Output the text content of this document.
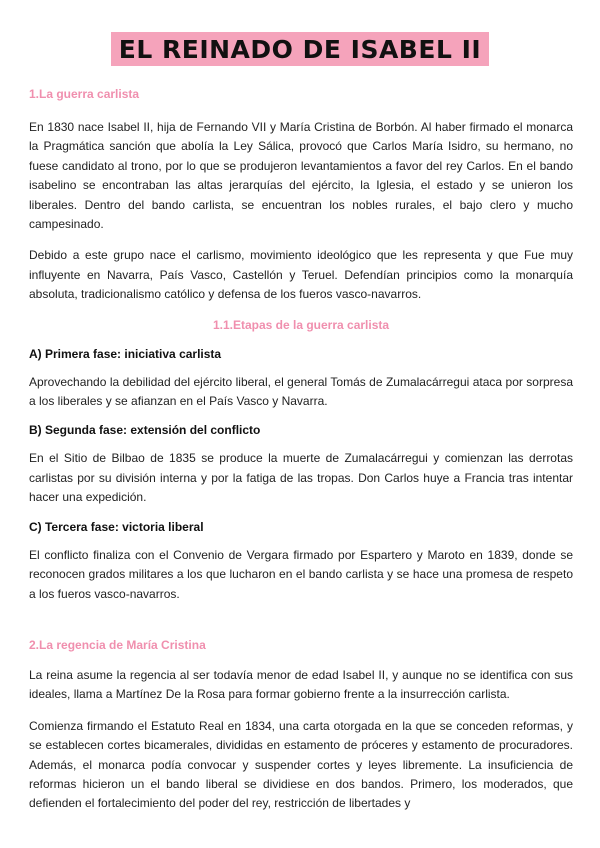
EL REINADO DE ISABEL II
1.La guerra carlista

En 1830 nace Isabel II, hija de Fernando VII y María Cristina de Borbón. Al haber firmado el monarca la Pragmática sanción que abolía la Ley Sálica, provocó que Carlos María Isidro, su hermano, no fuese candidato al trono, por lo que se produjeron levantamientos a favor del rey Carlos. En el bando isabelino se encontraban las altas jerarquías del ejército, la Iglesia, el estado y se unieron los liberales. Dentro del bando carlista, se encuentran los nobles rurales, el bajo clero y mucho campesinado.

Debido a este grupo nace el carlismo, movimiento ideológico que les representa y que Fue muy influyente en Navarra, País Vasco, Castellón y Teruel. Defendían principios como la monarquía absoluta, tradicionalismo católico y defensa de los fueros vasco-navarros.

1.1.Etapas de la guerra carlista
A) Primera fase: iniciativa carlista

Aprovechando la debilidad del ejército liberal, el general Tomás de Zumalacárregui ataca por sorpresa a los liberales y se afianzan en el País Vasco y Navarra.

B) Segunda fase: extensión del conflicto

En el Sitio de Bilbao de 1835 se produce la muerte de Zumalacárregui y comienzan las derrotas carlistas por su división interna y por la fatiga de las tropas. Don Carlos huye a Francia tras intentar hacer una expedición.

C) Tercera fase: victoria liberal

El conflicto finaliza con el Convenio de Vergara firmado por Espartero y Maroto en 1839, donde se reconocen grados militares a los que lucharon en el bando carlista y se hace una promesa de respeto a los fueros vasco-navarros.

2.La regencia de María Cristina

La reina asume la regencia al ser todavía menor de edad Isabel II, y aunque no se identifica con sus ideales, llama a Martínez De la Rosa para formar gobierno frente a la insurrección carlista.

Comienza firmando el Estatuto Real en 1834, una carta otorgada en la que se conceden reformas, y se establecen cortes bicamerales, divididas en estamento de próceres y estamento de procuradores. Además, el monarca podía convocar y suspender cortes y leyes libremente. La insuficiencia de reformas hicieron un el bando liberal se dividiese en dos bandos. Primero, los moderados, que defienden el fortalecimiento del poder del rey, restricción de libertades y
